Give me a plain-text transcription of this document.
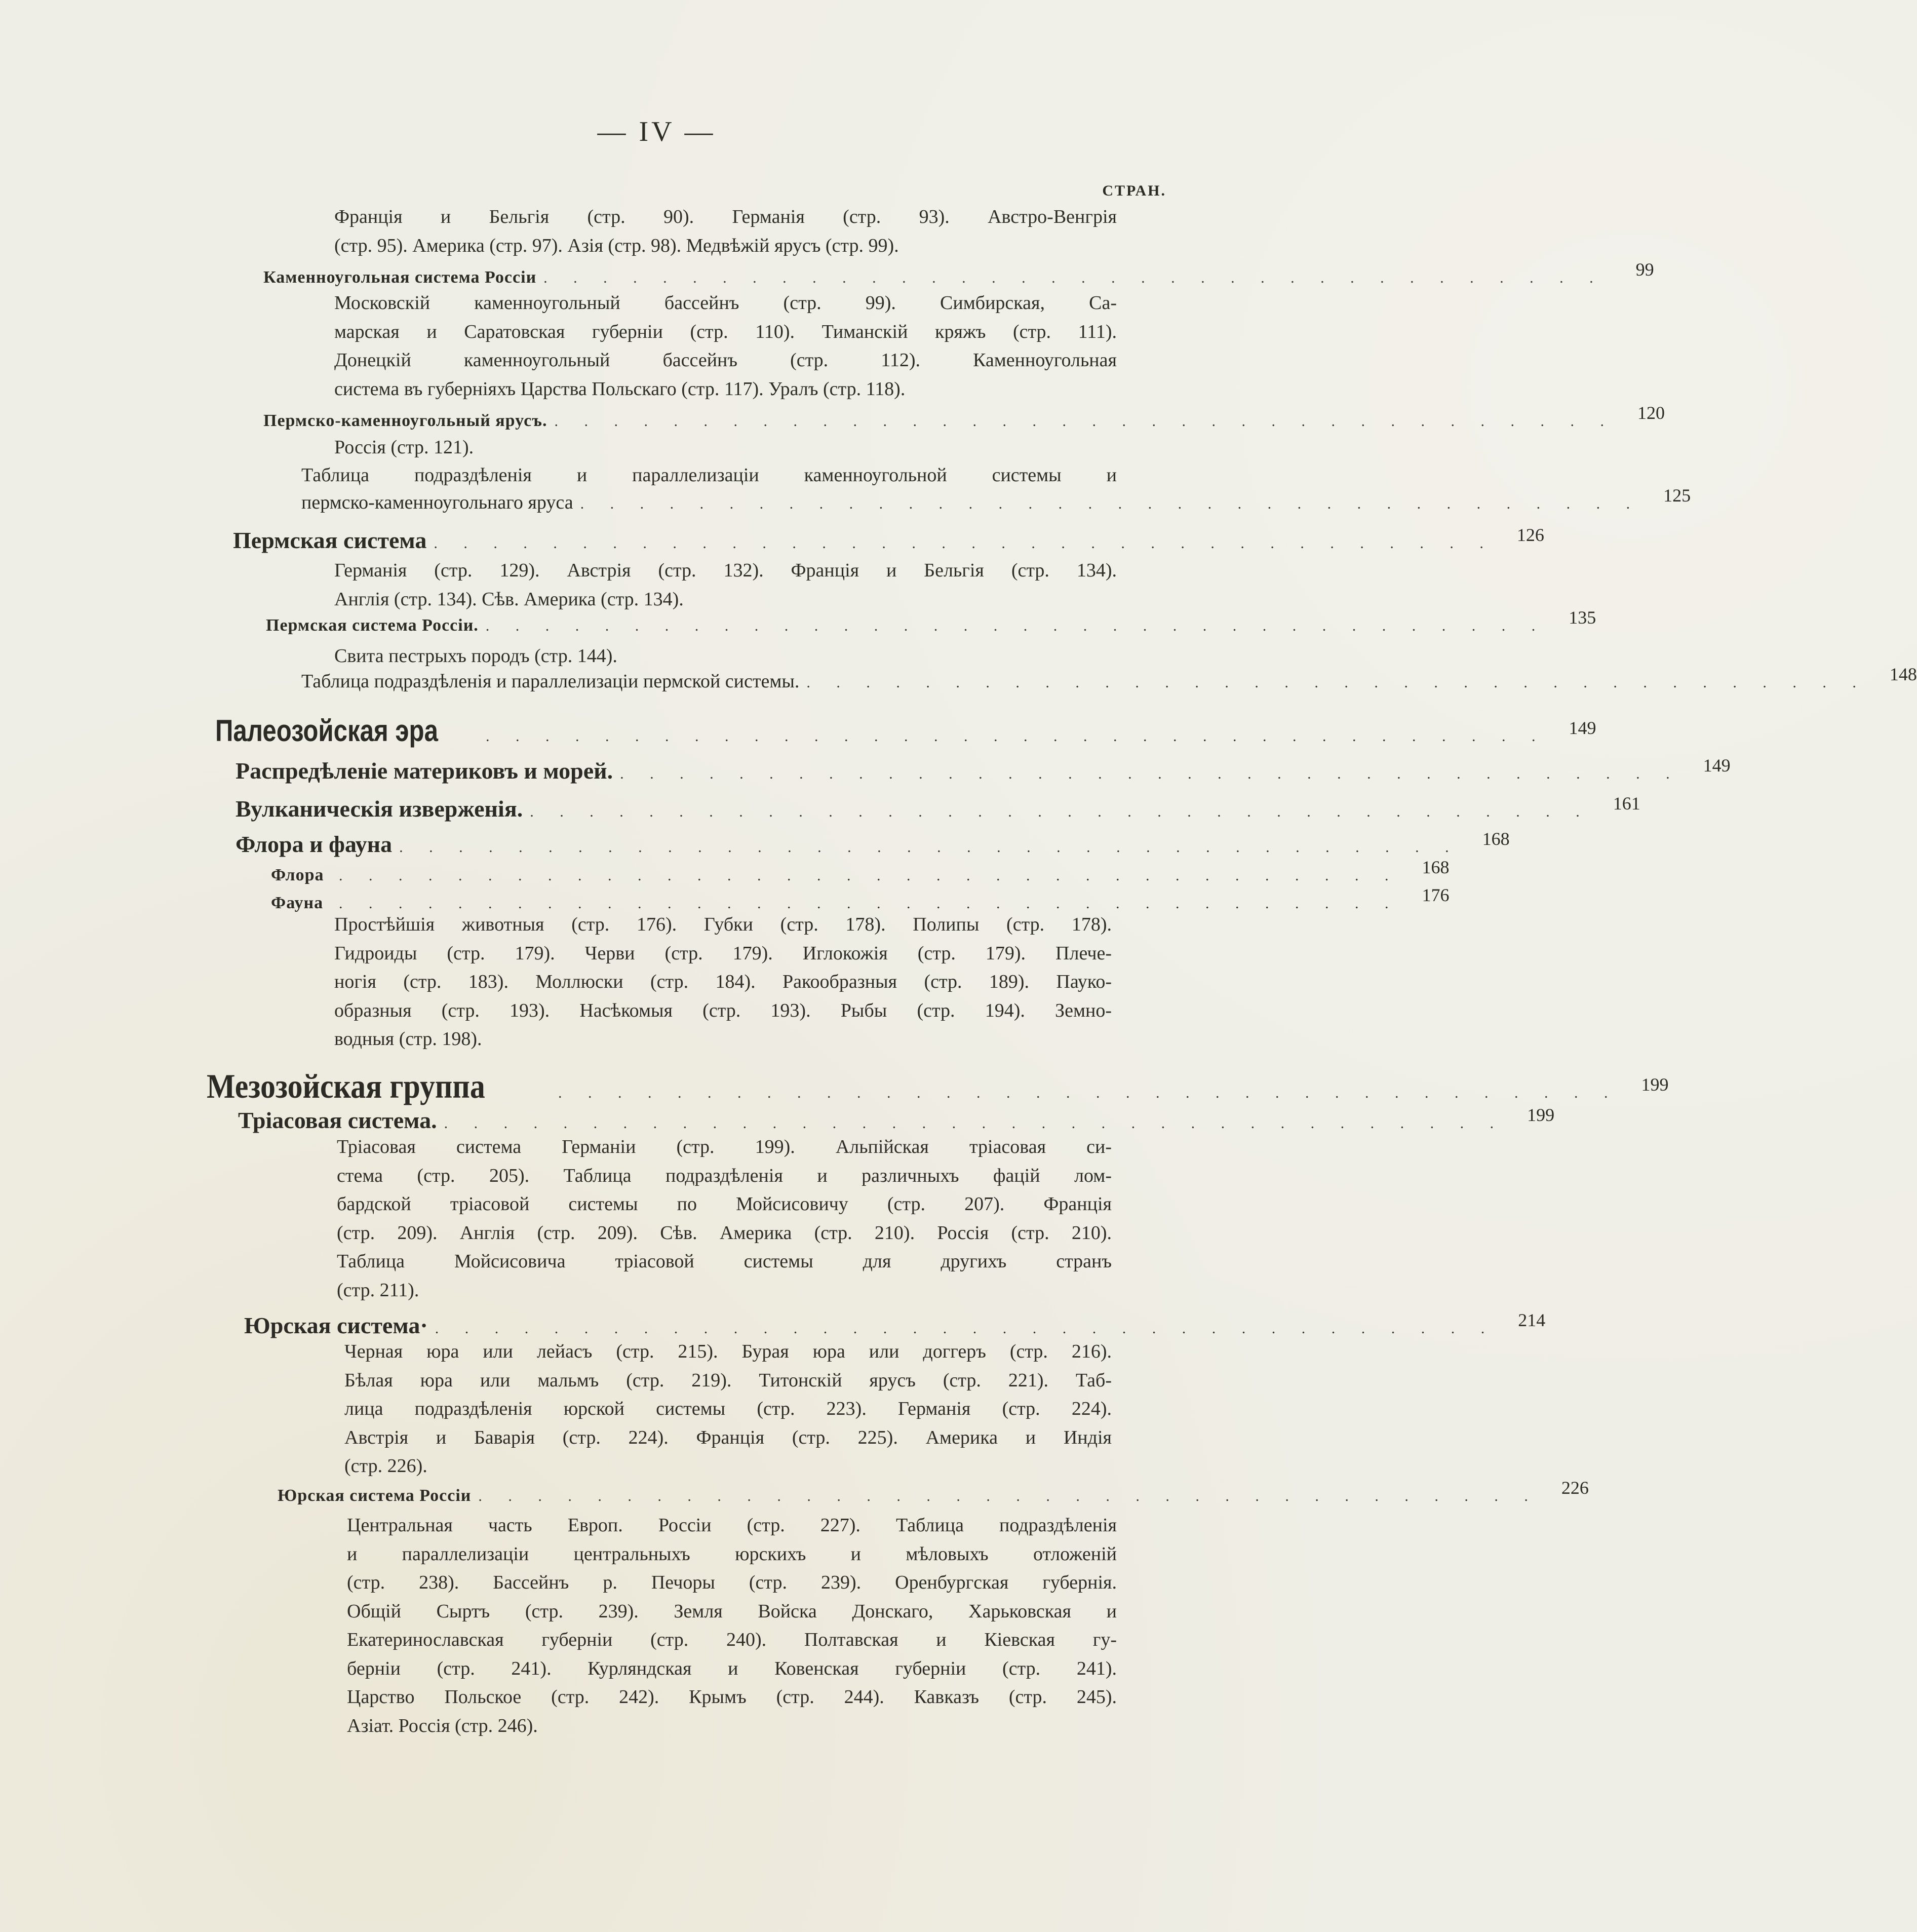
— IV —
СТРАН.
Францiя и Бельгiя (стр. 90). Германiя (стр. 93). Австро-Венгрiя
(стр. 95). Америка (стр. 97). Азiя (стр. 98). Медвѣжiй ярусъ (стр. 99).
Каменноугольная система Россiи . . . . . . . . . . . . . . . . . . . . . . . . . . . . . . . . . . . .	99
Московскiй каменноугольный бассейнъ (стр. 99). Симбирская, Са-
марская и Саратовская губернiи (стр. 110). Тиманскiй кряжъ (стр. 111).
Донецкiй каменноугольный бассейнъ (стр. 112). Каменноугольная
система въ губернiяхъ Царства Польскаго (стр. 117). Уралъ (стр. 118).
Пермско-каменноугольный ярусъ. . . . . . . . . . . . . . . . . . . . . . . . . . . . . . . . . . . . .	120
Россiя (стр. 121).
Таблица подраздѣленiя и параллелизацiи каменноугольной системы и
пермско-каменноугольнаго яруса . . . . . . . . . . . . . . . . . . . . . . . . . . . . . . . . . . . .	125
Пермская система . . . . . . . . . . . . . . . . . . . . . . . . . . . . . . . . . . . .	126
Германiя (стр. 129). Австрiя (стр. 132). Францiя и Бельгiя (стр. 134).
Англiя (стр. 134). Сѣв. Америка (стр. 134).
Пермская система Россiи. . . . . . . . . . . . . . . . . . . . . . . . . . . . . . . . . . . . .	135
Свита пестрыхъ породъ (стр. 144).
Таблица подраздѣленiя и параллелизацiи пермской системы. . . . . . . . . . . . . . . . . . . . . . . . . . . . . . . . . . . . .	148
Палеозойская эра	. . . . . . . . . . . . . . . . . . . . . . . . . . . . . . . . . . . .	149
Распредѣленiе материковъ и морей. . . . . . . . . . . . . . . . . . . . . . . . . . . . . . . . . . . . .	149
Вулканическiя изверженiя. . . . . . . . . . . . . . . . . . . . . . . . . . . . . . . . . . . . .	161
Флора и фауна . . . . . . . . . . . . . . . . . . . . . . . . . . . . . . . . . . . .	168
Флора . . . . . . . . . . . . . . . . . . . . . . . . . . . . . . . . . . . .	168
Фауна	. . . . . . . . . . . . . . . . . . . . . . . . . . . . . . . . . . . .	176
Простѣйшiя животныя (стр. 176). Губки (стр. 178). Полипы (стр. 178).
Гидроиды (стр. 179). Черви (стр. 179). Иглокожiя (стр. 179). Плече-
ногiя (стр. 183). Моллюски (стр. 184). Ракообразныя (стр. 189). Пауко-
образныя (стр. 193). Насѣкомыя (стр. 193). Рыбы (стр. 194). Земно-
водныя (стр. 198).
Мезозойская группа	. . . . . . . . . . . . . . . . . . . . . . . . . . . . . . . . . . . .	199
Трiасовая система. . . . . . . . . . . . . . . . . . . . . . . . . . . . . . . . . . . . .	199
Трiасовая система Германiи (стр. 199). Альпiйская трiасовая си-
стема (стр. 205). Таблица подраздѣленiя и различныхъ фацiй лом-
бардской трiасовой системы по Мойсисовичу (стр. 207). Францiя
(стр. 209). Англiя (стр. 209). Сѣв. Америка (стр. 210). Россiя (стр. 210).
Таблица Мойсисовича трiасовой системы для другихъ странъ
(стр. 211).
Юрская система· . . . . . . . . . . . . . . . . . . . . . . . . . . . . . . . . . . . .	214
Черная юра или лейасъ (стр. 215). Бурая юра или доггеръ (стр. 216).
Бѣлая юра или мальмъ (стр. 219). Титонскiй ярусъ (стр. 221). Таб-
лица подраздѣленiя юрской системы (стр. 223). Германiя (стр. 224).
Австрiя и Баварiя (стр. 224). Францiя (стр. 225). Америка и Индiя
(стр. 226).
Юрская система Россiи . . . . . . . . . . . . . . . . . . . . . . . . . . . . . . . . . . . .	226
Центральная часть Европ. Россiи (стр. 227). Таблица подраздѣленiя
и параллелизацiи центральныхъ юрскихъ и мѣловыхъ отложенiй
(стр. 238). Бассейнъ р. Печоры (стр. 239). Оренбургская губернiя.
Общiй Сыртъ (стр. 239). Земля Войска Донскаго, Харьковская и
Екатеринославская губернiи (стр. 240). Полтавская и Кiевская гу-
бернiи (стр. 241). Курляндская и Ковенская губернiи (стр. 241).
Царство Польское (стр. 242). Крымъ (стр. 244). Кавказъ (стр. 245).
Азiат. Россiя (стр. 246).
